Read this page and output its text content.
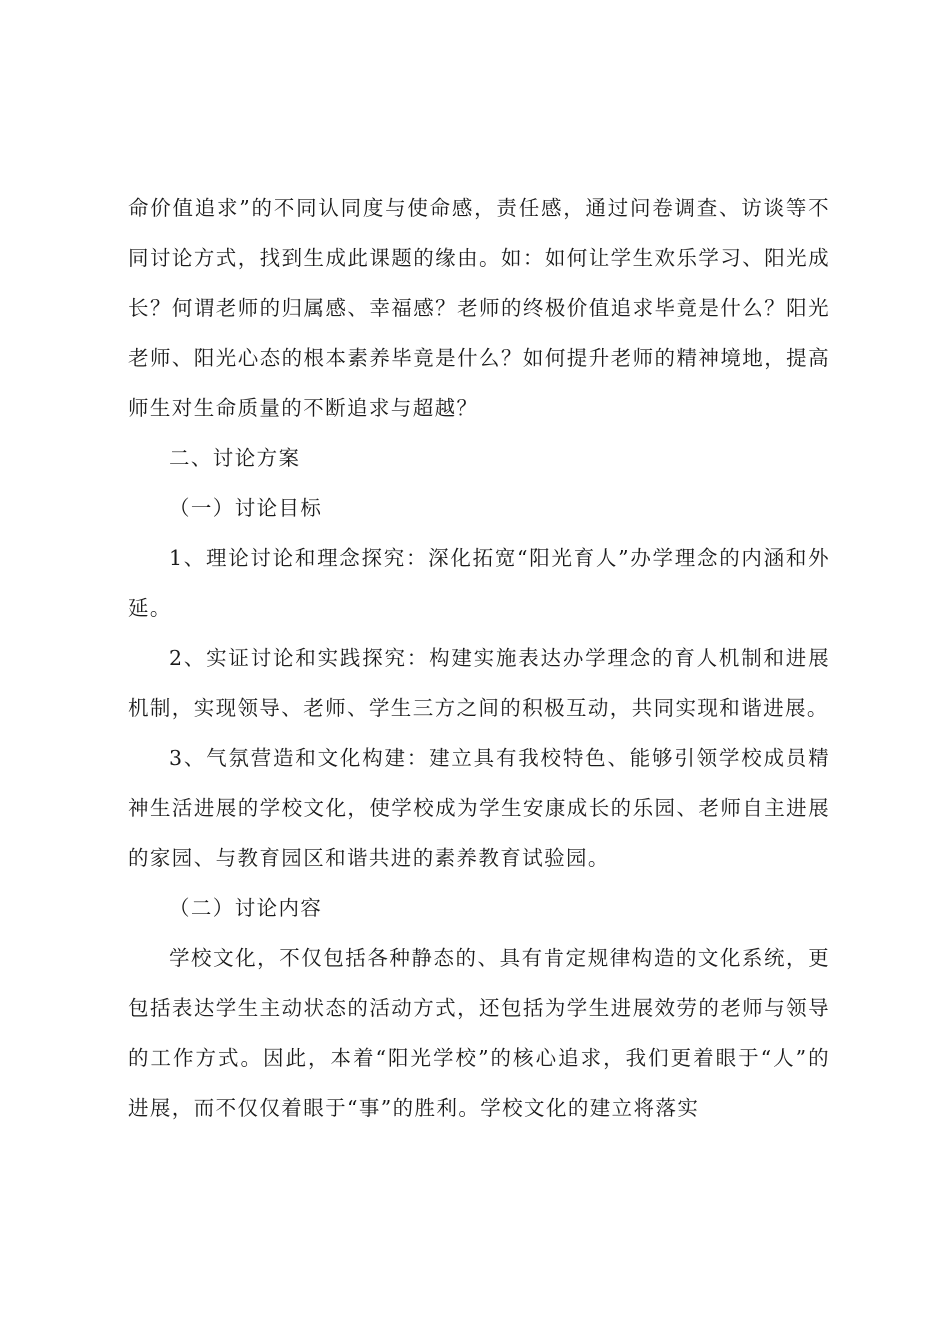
命价值追求”的不同认同度与使命感，责任感，通过问卷调查、访谈等不同讨论方式，找到生成此课题的缘由。如：如何让学生欢乐学习、阳光成长？何谓老师的归属感、幸福感？老师的终极价值追求毕竟是什么？阳光老师、阳光心态的根本素养毕竟是什么？如何提升老师的精神境地，提高师生对生命质量的不断追求与超越？

二、讨论方案

（一）讨论目标

1、理论讨论和理念探究：深化拓宽“阳光育人”办学理念的内涵和外延。

2、实证讨论和实践探究：构建实施表达办学理念的育人机制和进展机制，实现领导、老师、学生三方之间的积极互动，共同实现和谐进展。

3、气氛营造和文化构建：建立具有我校特色、能够引领学校成员精神生活进展的学校文化，使学校成为学生安康成长的乐园、老师自主进展的家园、与教育园区和谐共进的素养教育试验园。

（二）讨论内容

学校文化，不仅包括各种静态的、具有肯定规律构造的文化系统，更包括表达学生主动状态的活动方式，还包括为学生进展效劳的老师与领导的工作方式。因此，本着“阳光学校”的核心追求，我们更着眼于“人”的进展，而不仅仅着眼于“事”的胜利。学校文化的建立将落实
